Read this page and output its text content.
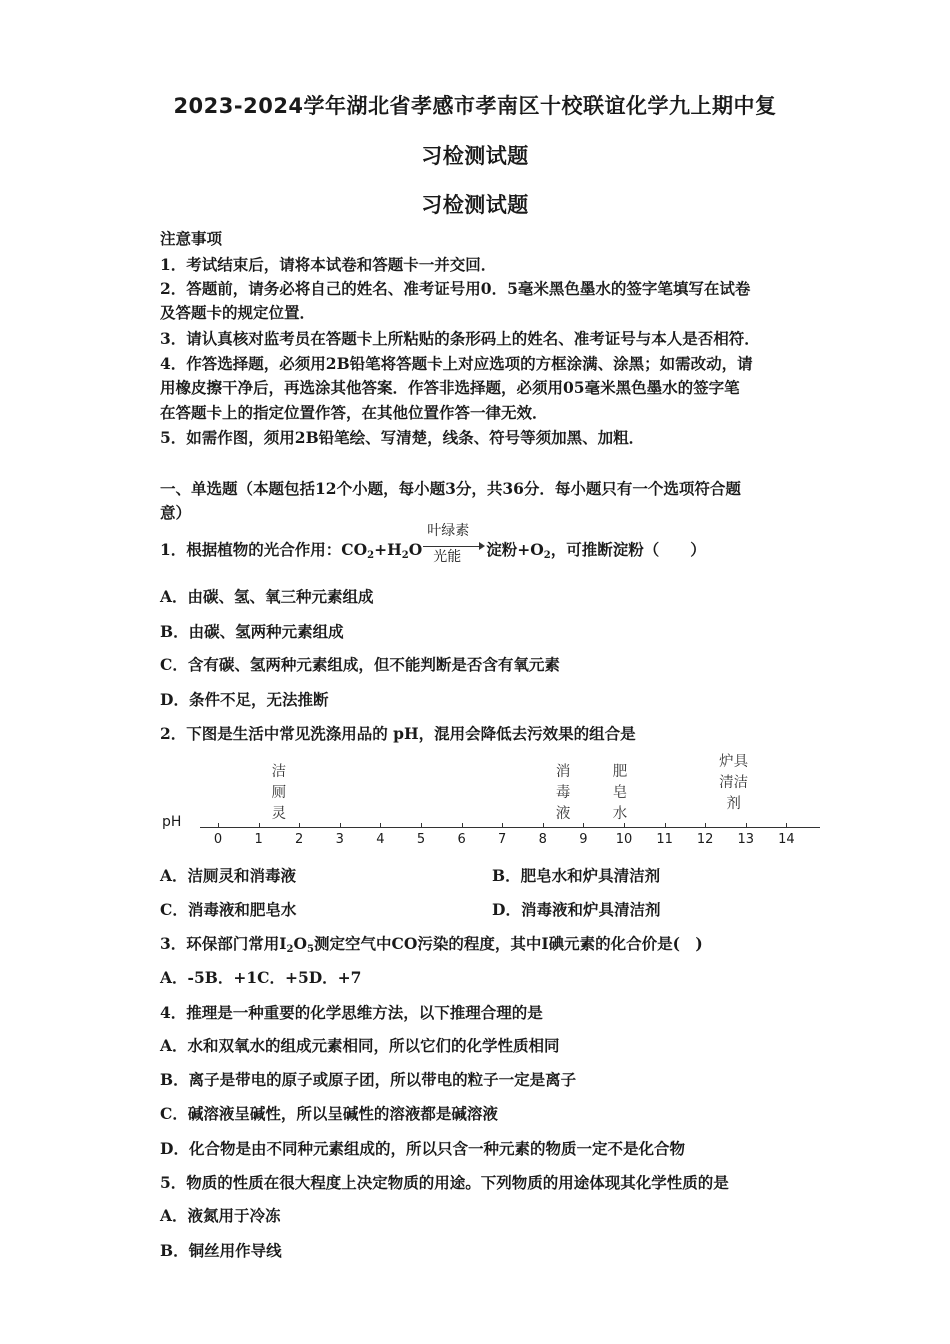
2023-2024学年湖北省孝感市孝南区十校联谊化学九上期中复
习检测试题
习检测试题
注意事项
1．考试结束后，请将本试卷和答题卡一并交回．
2．答题前，请务必将自己的姓名、准考证号用0．5毫米黑色墨水的签字笔填写在试卷
及答题卡的规定位置．
3．请认真核对监考员在答题卡上所粘贴的条形码上的姓名、准考证号与本人是否相符．
4．作答选择题，必须用2B铅笔将答题卡上对应选项的方框涂满、涂黑；如需改动，请
用橡皮擦干净后，再选涂其他答案．作答非选择题，必须用05毫米黑色墨水的签字笔
在答题卡上的指定位置作答，在其他位置作答一律无效．
5．如需作图，须用2B铅笔绘、写清楚，线条、符号等须加黑、加粗．
一、单选题（本题包括12个小题，每小题3分，共36分．每小题只有一个选项符合题
意）
1．根据植物的光合作用：$CO_2+H_2O$
叶绿素
光能 淀粉$+O_2$，可推断淀粉（　　）
A．由碳、氢、氧三种元素组成
B．由碳、氢两种元素组成
C．含有碳、氢两种元素组成，但不能判断是否含有氧元素
D．条件不足，无法推断
2．下图是生活中常见洗涤用品的 pH，混用会降低去污效果的组合是
pH
0	1	2	3	4	5	6	7	8	9	10 11 12 13 14
洁
厕
灵
消
毒
液
肥
皂
水
炉具
清洁
剂
A．洁厕灵和消毒液	B．肥皂水和炉具清洁剂
C．消毒液和肥皂水	D．消毒液和炉具清洁剂
3．环保部门常用$I_2O_5$测定空气中CO污染的程度，其中I碘元素的化合价是(　)
A．-5B．+1C．+5D．+7
4．推理是一种重要的化学思维方法，以下推理合理的是
A．水和双氧水的组成元素相同，所以它们的化学性质相同
B．离子是带电的原子或原子团，所以带电的粒子一定是离子
C．碱溶液呈碱性，所以呈碱性的溶液都是碱溶液
D．化合物是由不同种元素组成的，所以只含一种元素的物质一定不是化合物
5．物质的性质在很大程度上决定物质的用途。下列物质的用途体现其化学性质的是
A．液氮用于冷冻
B．铜丝用作导线
